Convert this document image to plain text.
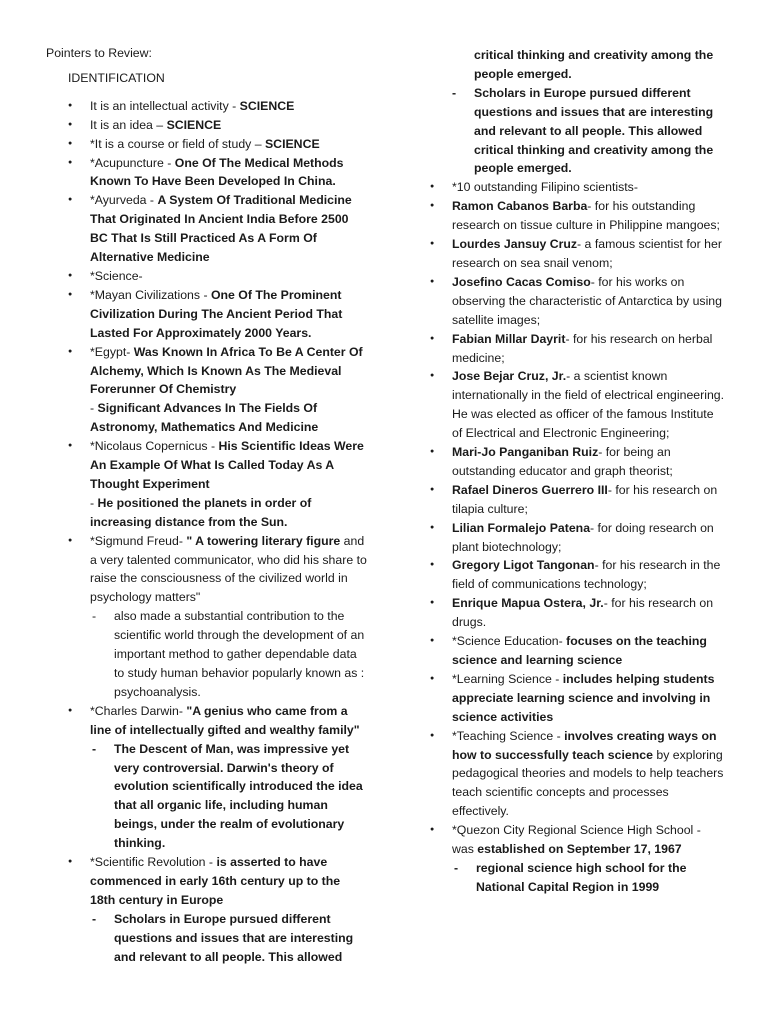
Pointers to Review:

IDENTIFICATION

● It is an intellectual activity - SCIENCE
● It is an idea – SCIENCE
● *It is a course or field of study – SCIENCE
● *Acupuncture - One Of The Medical Methods Known To Have Been Developed In China.
● *Ayurveda - A System Of Traditional Medicine That Originated In Ancient India Before 2500 BC That Is Still Practiced As A Form Of Alternative Medicine
● *Science-
● *Mayan Civilizations - One Of The Prominent Civilization During The Ancient Period That Lasted For Approximately 2000 Years.
● *Egypt- Was Known In Africa To Be A Center Of Alchemy, Which Is Known As The Medieval Forerunner Of Chemistry
- Significant Advances In The Fields Of Astronomy, Mathematics And Medicine
● *Nicolaus Copernicus - His Scientific Ideas Were An Example Of What Is Called Today As A Thought Experiment
- He positioned the planets in order of increasing distance from the Sun.
● *Sigmund Freud- " A towering literary figure and a very talented communicator, who did his share to raise the consciousness of the civilized world in psychology matters"
- also made a substantial contribution to the scientific world through the development of an important method to gather dependable data to study human behavior popularly known as : psychoanalysis.
● *Charles Darwin- "A genius who came from a line of intellectually gifted and wealthy family"
- The Descent of Man, was impressive yet very controversial. Darwin's theory of evolution scientifically introduced the idea that all organic life, including human beings, under the realm of evolutionary thinking.
● *Scientific Revolution - is asserted to have commenced in early 16th century up to the 18th century in Europe
- Scholars in Europe pursued different questions and issues that are interesting and relevant to all people. This allowed

critical thinking and creativity among the people emerged.

- Scholars in Europe pursued different questions and issues that are interesting and relevant to all people. This allowed critical thinking and creativity among the people emerged.
● *10 outstanding Filipino scientists-
● Ramon Cabanos Barba- for his outstanding research on tissue culture in Philippine mangoes;
● Lourdes Jansuy Cruz- a famous scientist for her research on sea snail venom;
● Josefino Cacas Comiso- for his works on observing the characteristic of Antarctica by using satellite images;
● Fabian Millar Dayrit- for his research on herbal medicine;
● Jose Bejar Cruz, Jr.- a scientist known internationally in the field of electrical engineering. He was elected as officer of the famous Institute of Electrical and Electronic Engineering;
● Mari-Jo Panganiban Ruiz- for being an outstanding educator and graph theorist;
● Rafael Dineros Guerrero III- for his research on tilapia culture;
● Lilian Formalejo Patena- for doing research on plant biotechnology;
● Gregory Ligot Tangonan- for his research in the field of communications technology;
● Enrique Mapua Ostera, Jr.- for his research on drugs.
● *Science Education- focuses on the teaching science and learning science
● *Learning Science - includes helping students appreciate learning science and involving in science activities
● *Teaching Science - involves creating ways on how to successfully teach science by exploring pedagogical theories and models to help teachers teach scientific concepts and processes effectively.
● *Quezon City Regional Science High School - was established on September 17, 1967
- regional science high school for the National Capital Region in 1999
